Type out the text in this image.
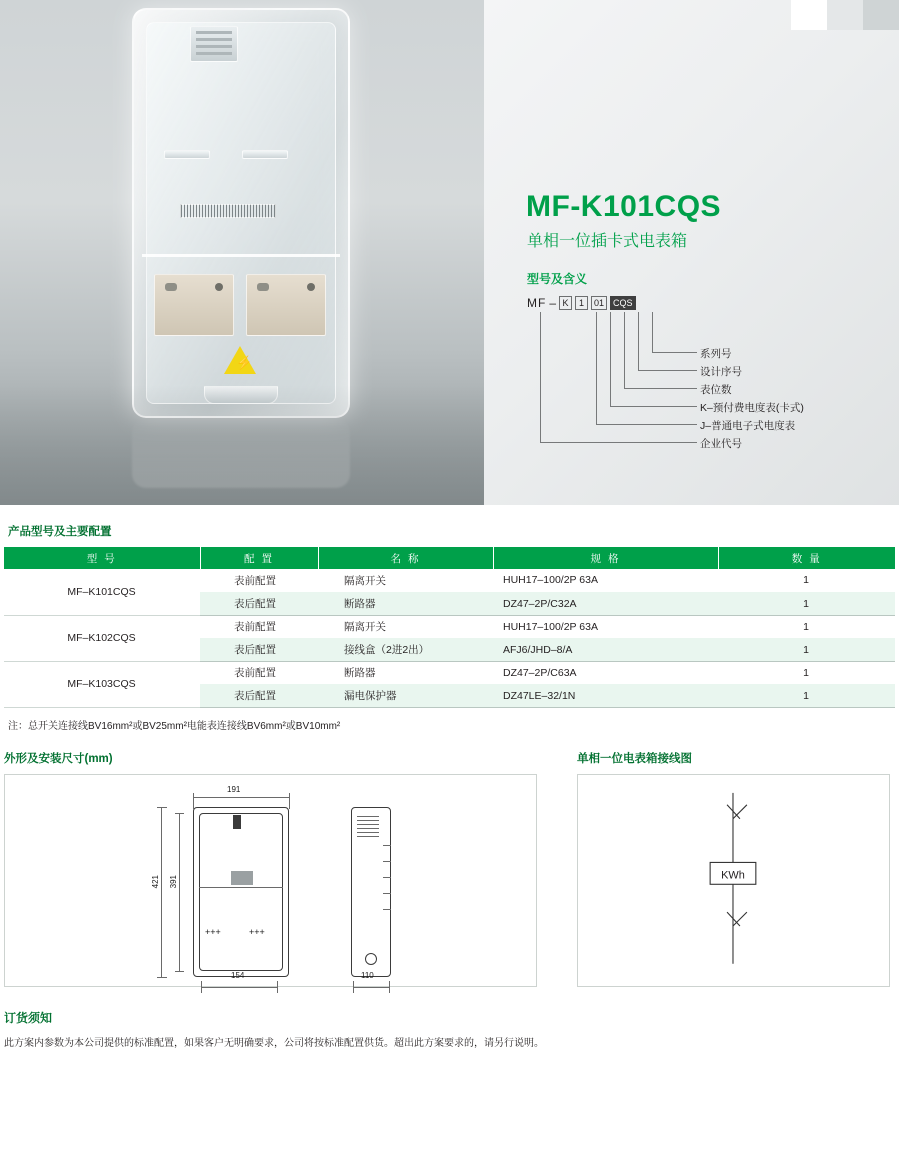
⚡
MF-K101CQS
单相一位插卡式电表箱
型号及含义
MF – K	1	01	CQS
系列号
设计序号
表位数
K–预付费电度表(卡式)
J–普通电子式电度表
企业代号
产品型号及主要配置
型 号	配 置	名 称	规 格	数 量
MF–K101CQS	表前配置	隔离开关	HUH17–100/2P 63A	1
	表后配置	断路器	DZ47–2P/C32A	1
MF–K102CQS	表前配置	隔离开关	HUH17–100/2P 63A	1
	表后配置	接线盒（2进2出）	AFJ6/JHD–8/A	1
MF–K103CQS	表前配置	断路器	DZ47–2P/C63A	1
	表后配置	漏电保护器	DZ47LE–32/1N	1
注：总开关连接线BV16mm²或BV25mm²电能表连接线BV6mm²或BV10mm²
外形及安装尺寸(mm)	单相一位电表箱接线图
+++	+++
191
421 391
154	110
KWh
订货须知
此方案内参数为本公司提供的标准配置，如果客户无明确要求，公司将按标准配置供货。超出此方案要求的，请另行说明。
